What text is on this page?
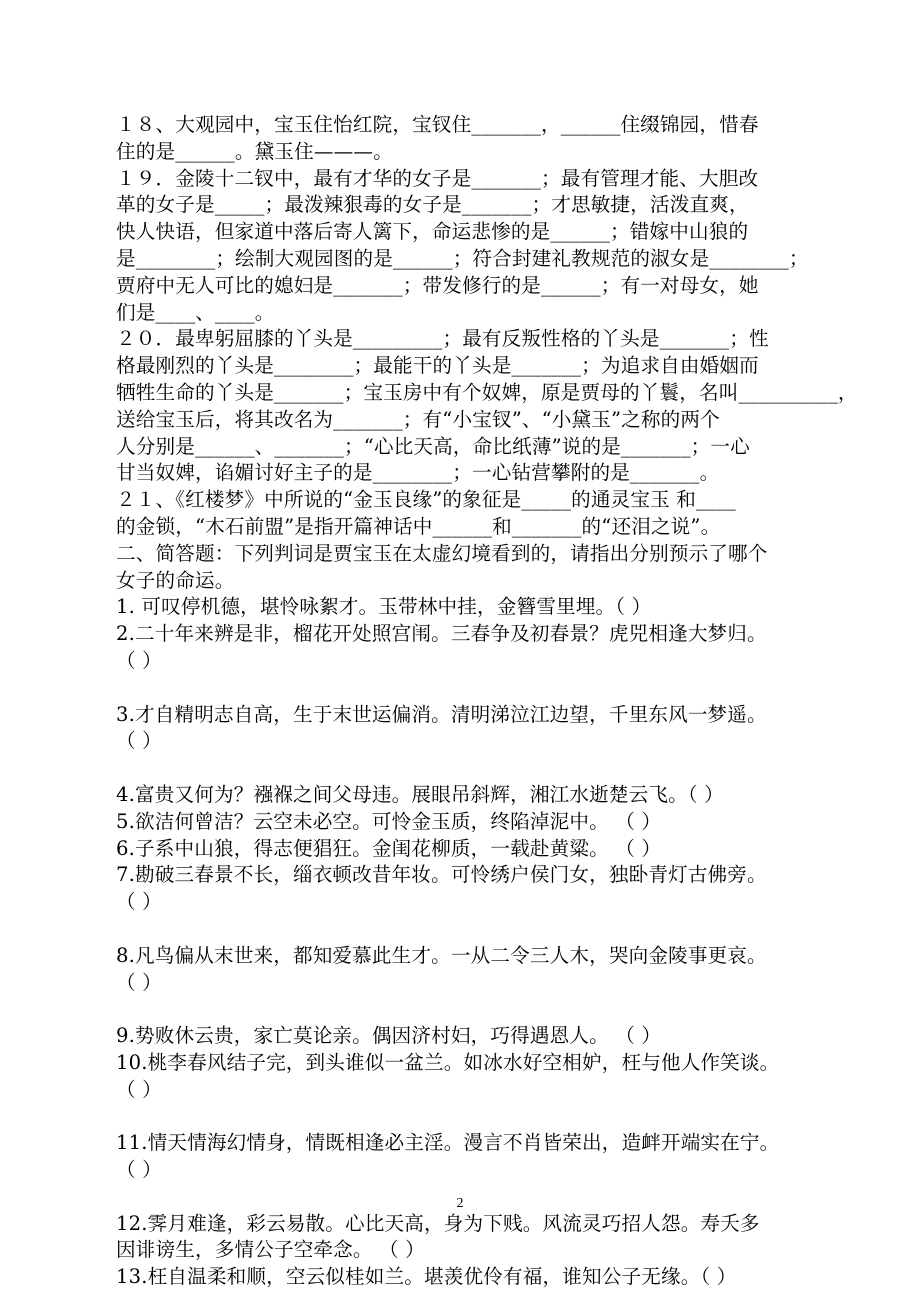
１８、大观园中，宝玉住怡红院，宝钗住_______，______住缀锦园，惜春
住的是______。黛玉住———。
１９．金陵十二钗中，最有才华的女子是_______；最有管理才能、大胆改
革的女子是_____；最泼辣狠毒的女子是_______；才思敏捷，活泼直爽，
快人快语，但家道中落后寄人篱下，命运悲惨的是______；错嫁中山狼的
是________；绘制大观园图的是______；符合封建礼教规范的淑女是________；
贾府中无人可比的媳妇是_______；带发修行的是______；有一对母女，她
们是____、____。
２０．最卑躬屈膝的丫头是_________；最有反叛性格的丫头是_______；性
格最刚烈的丫头是________；最能干的丫头是_______；为追求自由婚姻而
牺牲生命的丫头是_______；宝玉房中有个奴婢，原是贾母的丫鬟，名叫__________，
送给宝玉后，将其改名为_______；有“小宝钗”、“小黛玉”之称的两个
人分别是______、_______；“心比天高，命比纸薄”说的是_______；一心
甘当奴婢，谄媚讨好主子的是________；一心钻营攀附的是_______。
２１、《红楼梦》中所说的“金玉良缘”的象征是_____的通灵宝玉 和____
的金锁，“木石前盟”是指开篇神话中______和_______的“还泪之说”。
二、简答题：下列判词是贾宝玉在太虚幻境看到的，请指出分别预示了哪个
女子的命运。
1. 可叹停机德，堪怜咏絮才。玉带林中挂，金簪雪里埋。（ ）
2.二十年来辨是非，榴花开处照宫闱。三春争及初春景？虎兕相逢大梦归。
（ ）
3.才自精明志自高，生于末世运偏消。清明涕泣江边望，千里东风一梦遥。
（ ）
4.富贵又何为？襁褓之间父母违。展眼吊斜辉，湘江水逝楚云飞。（ ）
5.欲洁何曾洁？云空未必空。可怜金玉质，终陷淖泥中。 （ ）
6.子系中山狼，得志便猖狂。金闺花柳质，一载赴黄粱。 （ ）
7.勘破三春景不长，缁衣顿改昔年妆。可怜绣户侯门女，独卧青灯古佛旁。
（ ）
8.凡鸟偏从末世来，都知爱慕此生才。一从二令三人木，哭向金陵事更哀。
（ ）
9.势败休云贵，家亡莫论亲。偶因济村妇，巧得遇恩人。 （ ）
10.桃李春风结子完，到头谁似一盆兰。如冰水好空相妒，枉与他人作笑谈。
（ ）
11.情天情海幻情身，情既相逢必主淫。漫言不肖皆荣出，造衅开端实在宁。
（ ）
12.霁月难逢，彩云易散。心比天高，身为下贱。风流灵巧招人怨。寿夭多
因诽谤生，多情公子空牵念。 （ ）
13.枉自温柔和顺，空云似桂如兰。堪羡优伶有福，谁知公子无缘。（ ）
2
